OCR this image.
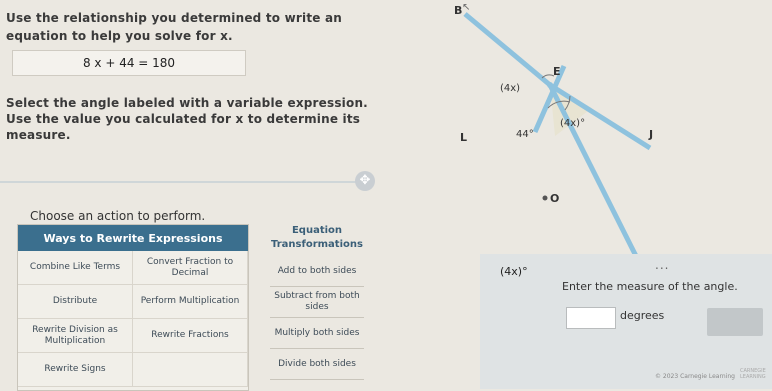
Use the relationship you determined to write an
equation to help you solve for x.
8 x + 44 = 180
Select the angle labeled with a variable expression.
Use the value you calculated for x to determine its
measure.
✥
↖
B
E
J
L
O
(4x)
(4x)°
44°
Choose an action to perform.
Ways to Rewrite Expressions
Combine Like Terms
Convert Fraction to Decimal
Distribute	Perform Multiplication
Rewrite Division as Multiplication
Rewrite Fractions
Rewrite Signs
Equation
Transformations
Add to both sides
Subtract from both sides
Multiply both sides
Divide both sides
(4x)°	...
Enter the measure of the angle.
degrees
© 2023 Carnegie Learning
CARNEGIE LEARNING
